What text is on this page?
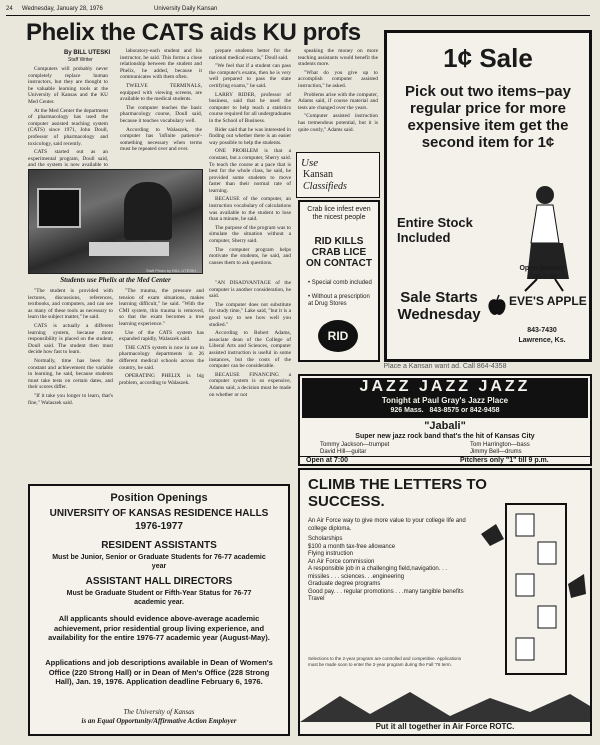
24 Wednesday, January 28, 1976	University Daily Kansan
Phelix the CATS aids KU profs
By BILL UTESKI
Staff Writer

Computers will probably never completely replace human instructors, but they are thought to be valuable learning tools at the University of Kansas and the KU Med Center.

At the Med Center the department of pharmacology has used the computer assisted teaching system (CATS) since 1971, John Doull, professor of pharmacology and toxicology, said recently.

CATS started out as an experimental program, Doull said, and the system is now available to

laboratory-each student and his instructor, he said. This forms a close relationship between the student and Phelix, he added, because it communicates with them often.

TWELVE TERMINALS, equipped with viewing screens, are available to the medical students.

The computer teaches the basic pharmacology course, Doull said, because it teaches vocabulary well.

According to Walaszek, the computer has 'infinite patience'-something necessary when terms must be repeated over and over.

prepare students better for the national medical exams," Doull said.

"We feel that if a student can pass the computer's exams, then he is very well prepared to pass the state certifying exams," he said.

LARRY RIDER, professor of business, said that he used the computer to help teach a statistics course required for all undergraduates in the School of Business.

Rider said that he was interested in finding out whether there is an easier way possible to help the students.

ONE PROBLEM is that a constant, but a computer, Sherry said. To teach the course at a pace that is best for the whole class, he said, he provided some students to move faster than their normal rate of learning.

BECAUSE of the computer, an instruction vocabulary of calculations was available to the student to lose than a minute, he said.

The purpose of the program was to simulate the situation without a computer, Sherry said.

The computer program helps motivate the students, he said, and causes them to ask questions.

speaking the money on more teaching assistants would benefit the students more.

"What do you give up to accomplish computer assisted instruction," he asked.

Problems arise with the computer, Adams said, if course material and tests are changed over the years.

"Computer assisted instruction has tremendous potential, but it is quite costly," Adams said.

Staff Photo by BILL UTESKI
Students use Phelix at the Med Center

"The student is provided with lectures, discussions, references, textbooks, and computers, and can see as many of these tools as necessary to learn the subject matter," he said.

CATS is actually a different learning system, because more responsibility is placed on the student, Doull said. The student then must decide how fast to learn.

Normally, time has been the constant and achievement the variable in learning, he said, because students must take tests on certain dates, and their scores differ.

"If it take you longer to learn, that's fine," Walaszek said.

"The trauma, the pressure and tension of exam situations, makes learning difficult," he said. "With the CMI system, this trauma is removed, so that the exam becomes a true learning experience."

Use of the CATS system has expanded rapidly, Walaszek said.

THE CATS system is now in use in pharmacology departments in 26 different medical schools across the country, he said.

OPERATING PHELIX is big problem, according to Walaszek.

"AN DISADVANTAGE of the computer is another consideration, he said.

The computer does not substitute for study time," Lake said, "but it is a good way to see how well you studied."

According to Robert Adams, associate dean of the College of Liberal Arts and Sciences, computer assisted instruction is useful in some instances, but the costs of the computer can be considerable.

BECAUSE FINANCING a computer system is so expensive, Adams said, a decision must be made on whether or not

Use
Kansan
Classifieds
Crab lice infest even the nicest people
RID KILLS CRAB LICE ON CONTACT
• Special comb included
• Without a prescription at Drug Stores
RID
1¢ Sale
Pick out two items–pay regular price for more expensive item get the second item for 1¢
Entire Stock Included
Open Sunday
1:00-5:00
Sale Starts Wednesday
EVE'S APPLE
843-7430
Lawrence, Ks.
Place a Kansan want ad. Call 864-4358
JAZZ JAZZ JAZZ
Tonight at Paul Gray's Jazz Place
926 Mass. 843-8575 or 842-9458
"Jabali"
Super new jazz rock band that's the hit of Kansas City
Tommy Jackson—trumpet	Tom Harrington—bass
David Hill—guitar	Jimmy Bell—drums
Open at 7:00	Pitchers only "1" till 9 p.m.
Position Openings
UNIVERSITY OF KANSAS RESIDENCE HALLS
1976-1977
RESIDENT ASSISTANTS
Must be Junior, Senior or Graduate Students for 76-77 academic year
ASSISTANT HALL DIRECTORS
Must be Graduate Student or Fifth-Year Status for 76-77 academic year.
All applicants should evidence above-average academic achievement, prior residential group living experience, and availability for the entire 1976-77 academic year (August-May).
Applications and job descriptions available in Dean of Women's Office (220 Strong Hall) or in Dean of Men's Office (228 Strong Hall), Jan. 19, 1976. Application deadline February 6, 1976.
The University of Kansas
is an Equal Opportunity/Affirmative Action Employer
CLIMB THE LETTERS TO SUCCESS.
An Air Force way to give more value to your college life and college diploma.
Scholarships
$100 a month tax-free allowance
Flying instruction
An Air Force commission
A responsible job in a challenging field,navigation. . . missiles . . . sciences. . .engineering
Graduate degree programs
Good pay. . . regular promotions . . .many tangible benefits
Travel
Selections to the 2-year program are controlled and competitive. Applications must be made soon to enter the 2-year program during the Fall '76 term.
Put it all together in Air Force ROTC.
